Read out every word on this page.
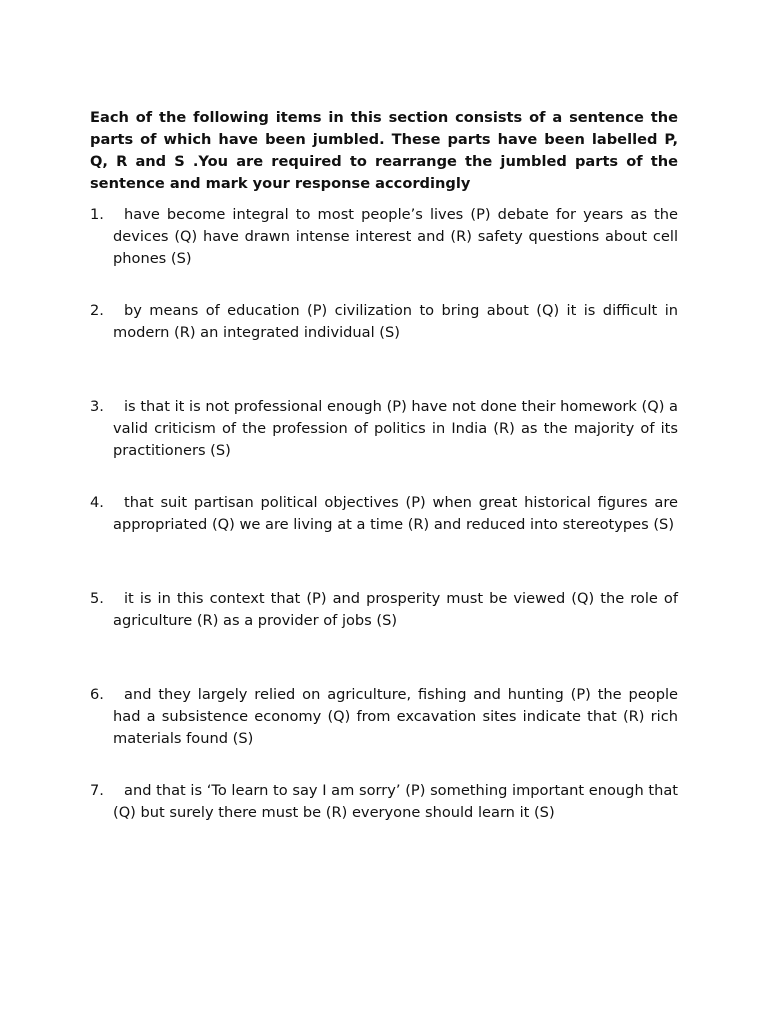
Each of the following items in this section consists of a sentence the parts of which have been jumbled. These parts have been labelled P, Q, R and S .You are required to rearrange the jumbled parts of the sentence and mark your response accordingly

1.	have become integral to most people’s lives (P) debate for years as the devices (Q) have drawn intense interest and (R) safety questions about cell phones (S)
2.	by means of education (P) civilization to bring about (Q) it is difficult in modern (R) an integrated individual (S)
3.	is that it is not professional enough (P) have not done their homework (Q) a valid criticism of the profession of politics in India (R) as the majority of its practitioners (S)
4.	that suit partisan political objectives (P) when great historical figures are appropriated (Q) we are living at a time (R) and reduced into stereotypes (S)
5.	it is in this context that (P) and prosperity must be viewed (Q) the role of agriculture (R) as a provider of jobs (S)
6.	and they largely relied on agriculture, fishing and hunting (P) the people had a subsistence economy (Q) from excavation sites indicate that (R) rich materials found (S)
7.	and that is ‘To learn to say I am sorry’ (P) something important enough that (Q) but surely there must be (R) everyone should learn it (S)
